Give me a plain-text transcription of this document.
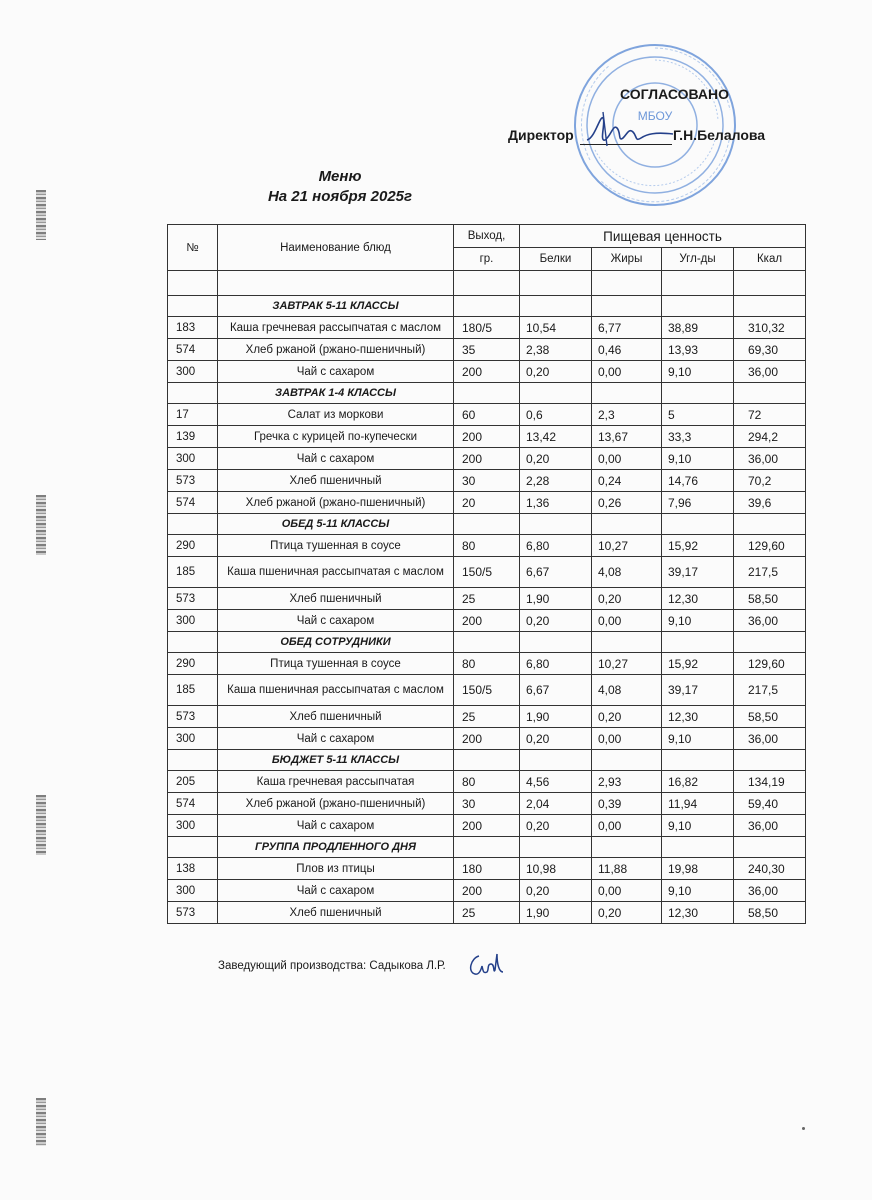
МБОУ
СОГЛАСОВАНО
Директор	Г.Н.Белалова
Меню
На 21 ноября 2025г
№	Наименование блюд	Выход,	Пищевая ценность			
		гр.	Белки	Жиры	Угл-ды	Ккал

	ЗАВТРАК 5-11 КЛАССЫ					
183	Каша гречневая рассыпчатая с маслом	180/5	10,54	6,77	38,89	310,32
574	Хлеб ржаной (ржано-пшеничный)	35	2,38	0,46	13,93	69,30
300	Чай с сахаром	200	0,20	0,00	9,10	36,00
	ЗАВТРАК 1-4 КЛАССЫ					
17	Салат из моркови	60	0,6	2,3	5	72
139	Гречка с курицей по-купечески	200	13,42	13,67	33,3	294,2
300	Чай с сахаром	200	0,20	0,00	9,10	36,00
573	Хлеб пшеничный	30	2,28	0,24	14,76	70,2
574	Хлеб ржаной (ржано-пшеничный)	20	1,36	0,26	7,96	39,6
	ОБЕД 5-11 КЛАССЫ					
290	Птица тушенная в соусе	80	6,80	10,27	15,92	129,60
185	Каша пшеничная рассыпчатая с маслом	150/5	6,67	4,08	39,17	217,5
573	Хлеб пшеничный	25	1,90	0,20	12,30	58,50
300	Чай с сахаром	200	0,20	0,00	9,10	36,00
	ОБЕД СОТРУДНИКИ					
290	Птица тушенная в соусе	80	6,80	10,27	15,92	129,60
185	Каша пшеничная рассыпчатая с маслом	150/5	6,67	4,08	39,17	217,5
573	Хлеб пшеничный	25	1,90	0,20	12,30	58,50
300	Чай с сахаром	200	0,20	0,00	9,10	36,00
	БЮДЖЕТ 5-11 КЛАССЫ					
205	Каша гречневая рассыпчатая	80	4,56	2,93	16,82	134,19
574	Хлеб ржаной (ржано-пшеничный)	30	2,04	0,39	11,94	59,40
300	Чай с сахаром	200	0,20	0,00	9,10	36,00
	ГРУППА ПРОДЛЕННОГО ДНЯ					
138	Плов из птицы	180	10,98	11,88	19,98	240,30
300	Чай с сахаром	200	0,20	0,00	9,10	36,00
573	Хлеб пшеничный	25	1,90	0,20	12,30	58,50
Заведующий производства: Садыкова Л.Р.
